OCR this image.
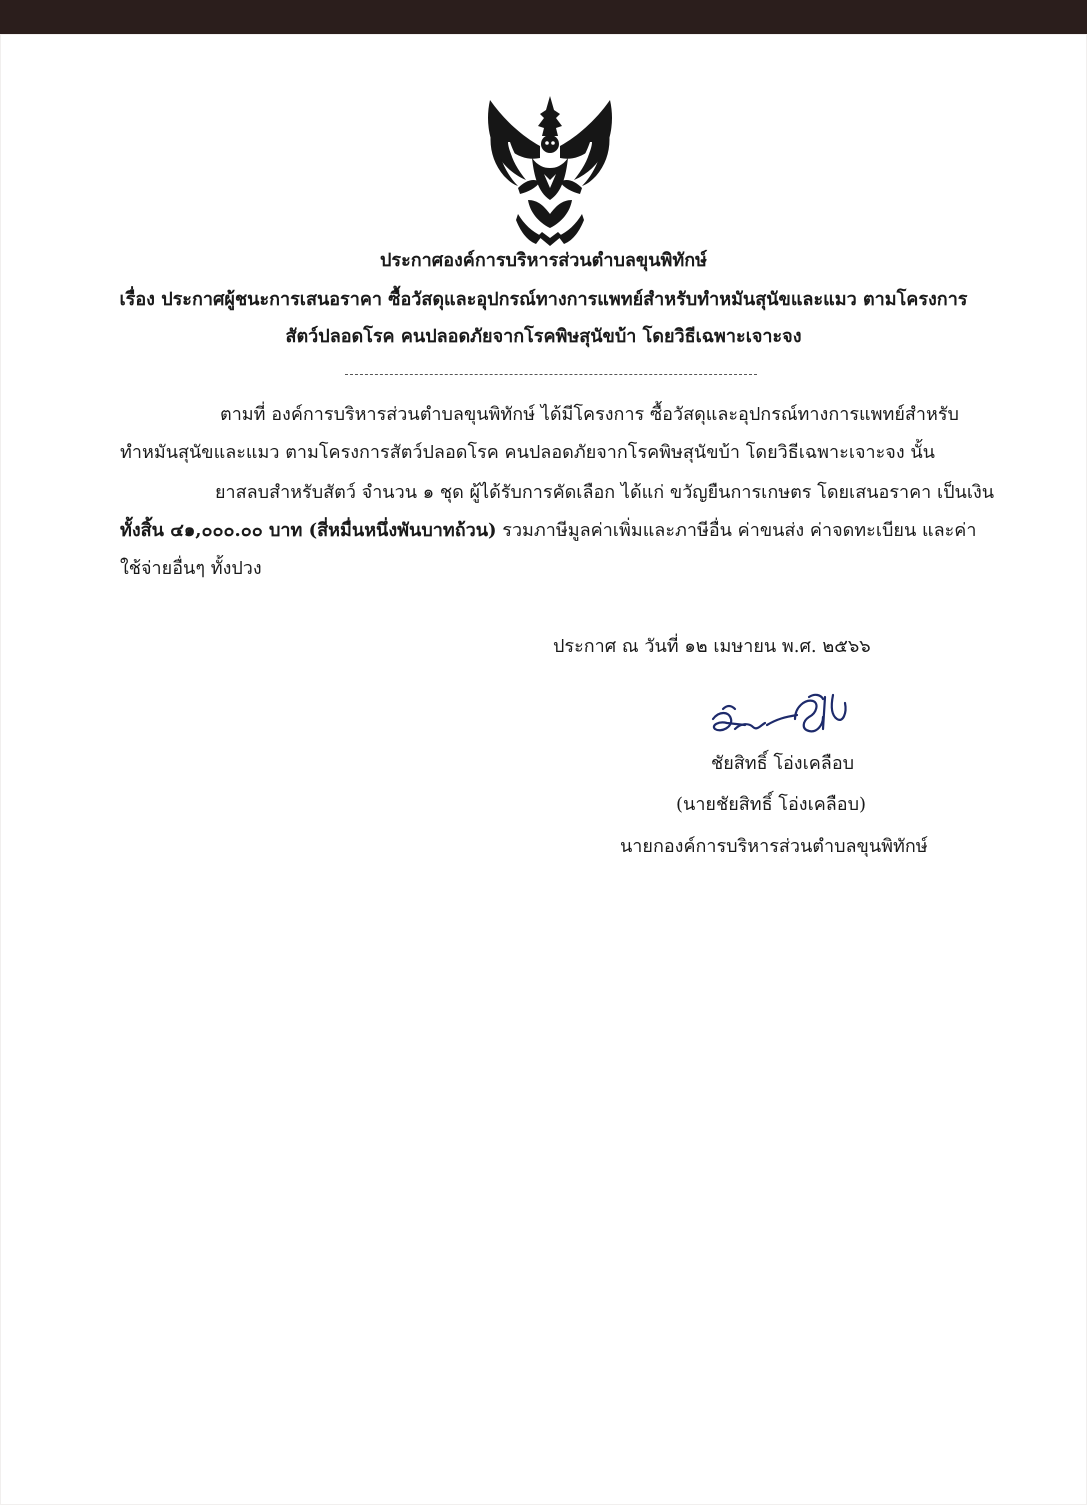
ประกาศองค์การบริหารส่วนตำบลขุนพิทักษ์
เรื่อง ประกาศผู้ชนะการเสนอราคา ซื้อวัสดุและอุปกรณ์ทางการแพทย์สำหรับทำหมันสุนัขและแมว ตามโครงการ
สัตว์ปลอดโรค คนปลอดภัยจากโรคพิษสุนัขบ้า โดยวิธีเฉพาะเจาะจง
ตามที่ องค์การบริหารส่วนตำบลขุนพิทักษ์ ได้มีโครงการ ซื้อวัสดุและอุปกรณ์ทางการแพทย์สำหรับ
ทำหมันสุนัขและแมว ตามโครงการสัตว์ปลอดโรค คนปลอดภัยจากโรคพิษสุนัขบ้า โดยวิธีเฉพาะเจาะจง นั้น
ยาสลบสำหรับสัตว์ จำนวน ๑ ชุด ผู้ได้รับการคัดเลือก ได้แก่ ขวัญยืนการเกษตร โดยเสนอราคา เป็นเงิน
ทั้งสิ้น ๔๑,๐๐๐.๐๐ บาท (สี่หมื่นหนึ่งพันบาทถ้วน) รวมภาษีมูลค่าเพิ่มและภาษีอื่น ค่าขนส่ง ค่าจดทะเบียน และค่า
ใช้จ่ายอื่นๆ ทั้งปวง
ประกาศ ณ วันที่ ๑๒ เมษายน พ.ศ. ๒๕๖๖
ชัยสิทธิ์ โอ่งเคลือบ
(นายชัยสิทธิ์ โอ่งเคลือบ)
นายกองค์การบริหารส่วนตำบลขุนพิทักษ์
